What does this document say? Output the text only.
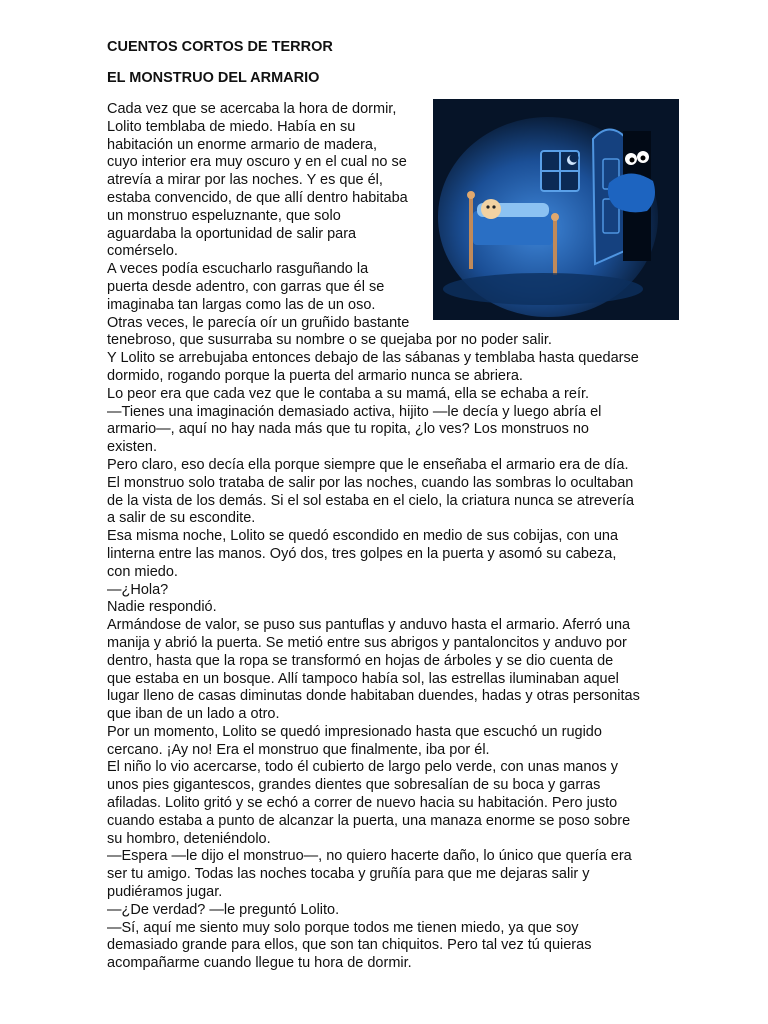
CUENTOS CORTOS DE TERROR
EL MONSTRUO DEL ARMARIO
Cada vez que se acercaba la hora de dormir,
Lolito temblaba de miedo. Había en su
habitación un enorme armario de madera,
cuyo interior era muy oscuro y en el cual no se
atrevía a mirar por las noches. Y es que él,
estaba convencido, de que allí dentro habitaba
un monstruo espeluznante, que solo
aguardaba la oportunidad de salir para
comérselo.
A veces podía escucharlo rasguñando la
puerta desde adentro, con garras que él se
imaginaba tan largas como las de un oso.
Otras veces, le parecía oír un gruñido bastante
tenebroso, que susurraba su nombre o se quejaba por no poder salir.
Y Lolito se arrebujaba entonces debajo de las sábanas y temblaba hasta quedarse
dormido, rogando porque la puerta del armario nunca se abriera.
Lo peor era que cada vez que le contaba a su mamá, ella se echaba a reír.
—Tienes una imaginación demasiado activa, hijito —le decía y luego abría el
armario—, aquí no hay nada más que tu ropita, ¿lo ves? Los monstruos no
existen.
Pero claro, eso decía ella porque siempre que le enseñaba el armario era de día.
El monstruo solo trataba de salir por las noches, cuando las sombras lo ocultaban
de la vista de los demás. Si el sol estaba en el cielo, la criatura nunca se atrevería
a salir de su escondite.
Esa misma noche, Lolito se quedó escondido en medio de sus cobijas, con una
linterna entre las manos. Oyó dos, tres golpes en la puerta y asomó su cabeza,
con miedo.
—¿Hola?
Nadie respondió.
Armándose de valor, se puso sus pantuflas y anduvo hasta el armario. Aferró una
manija y abrió la puerta. Se metió entre sus abrigos y pantaloncitos y anduvo por
dentro, hasta que la ropa se transformó en hojas de árboles y se dio cuenta de
que estaba en un bosque. Allí tampoco había sol, las estrellas iluminaban aquel
lugar lleno de casas diminutas donde habitaban duendes, hadas y otras personitas
que iban de un lado a otro.
Por un momento, Lolito se quedó impresionado hasta que escuchó un rugido
cercano. ¡Ay no! Era el monstruo que finalmente, iba por él.
El niño lo vio acercarse, todo él cubierto de largo pelo verde, con unas manos y
unos pies gigantescos, grandes dientes que sobresalían de su boca y garras
afiladas. Lolito gritó y se echó a correr de nuevo hacia su habitación. Pero justo
cuando estaba a punto de alcanzar la puerta, una manaza enorme se poso sobre
su hombro, deteniéndolo.
—Espera —le dijo el monstruo—, no quiero hacerte daño, lo único que quería era
ser tu amigo. Todas las noches tocaba y gruñía para que me dejaras salir y
pudiéramos jugar.
—¿De verdad? —le preguntó Lolito.
—Sí, aquí me siento muy solo porque todos me tienen miedo, ya que soy
demasiado grande para ellos, que son tan chiquitos. Pero tal vez tú quieras
acompañarme cuando llegue tu hora de dormir.
